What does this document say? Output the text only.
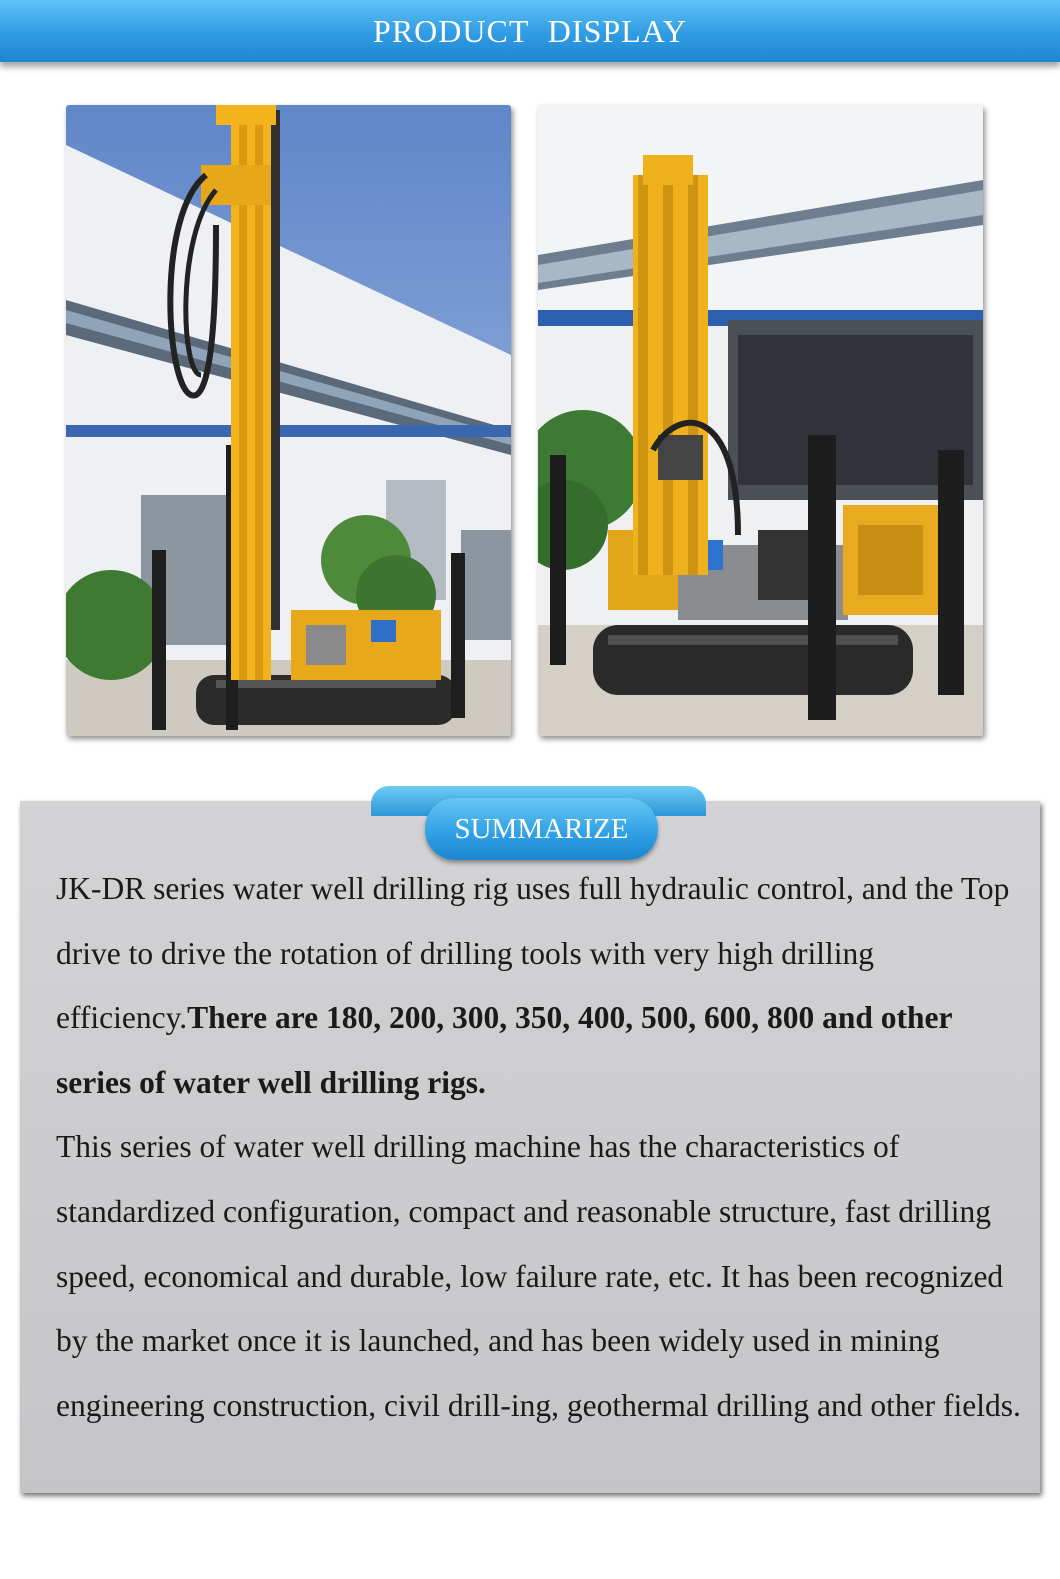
PRODUCT DISPLAY
SUMMARIZE
JK-DR series water well drilling rig uses full hydraulic control, and the Top drive to drive the rotation of drilling tools with very high drilling efficiency.There are 180, 200, 300, 350, 400, 500, 600, 800 and other series of water well drilling rigs.
This series of water well drilling machine has the characteristics of standardized configuration, compact and reasonable structure, fast drilling speed, economical and durable, low failure rate, etc. It has been recognized by the market once it is launched, and has been widely used in mining engineering construction, civil drill-ing, geothermal drilling and other fields.
